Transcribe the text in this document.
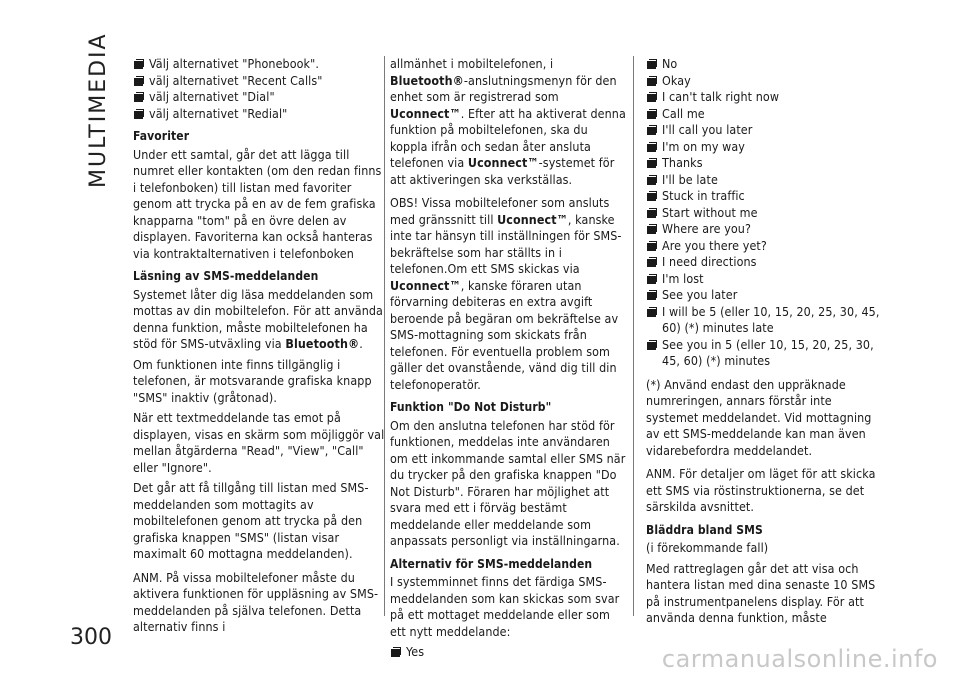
MULTIMEDIA
300
Välj alternativet "Phonebook".
välj alternativet "Recent Calls"
välj alternativet "Dial"
välj alternativet "Redial"
Favoriter

Under ett samtal, går det att lägga till numret eller kontakten (om den redan finns i telefonboken) till listan med favoriter genom att trycka på en av de fem grafiska knapparna "tom" på en övre delen av displayen. Favoriterna kan också hanteras via kontraktalternativen i telefonboken

Läsning av SMS-meddelanden

Systemet låter dig läsa meddelanden som mottas av din mobiltelefon. För att använda denna funktion, måste mobiltelefonen ha stöd för SMS-utväxling via Bluetooth®.

Om funktionen inte finns tillgänglig i telefonen, är motsvarande grafiska knapp "SMS" inaktiv (gråtonad).

När ett textmeddelande tas emot på displayen, visas en skärm som möjliggör val mellan åtgärderna "Read", "View", "Call" eller "Ignore".

Det går att få tillgång till listan med SMS-meddelanden som mottagits av mobiltelefonen genom att trycka på den grafiska knappen "SMS" (listan visar maximalt 60 mottagna meddelanden).

ANM. På vissa mobiltelefoner måste du aktivera funktionen för uppläsning av SMS-meddelanden på själva telefonen. Detta alternativ finns i

allmänhet i mobiltelefonen, i Bluetooth®-anslutningsmenyn för den enhet som är registrerad som Uconnect™. Efter att ha aktiverat denna funktion på mobiltelefonen, ska du koppla ifrån och sedan åter ansluta telefonen via Uconnect™-systemet för att aktiveringen ska verkställas.

OBS! Vissa mobiltelefoner som ansluts med gränssnitt till Uconnect™, kanske inte tar hänsyn till inställningen för SMS-bekräftelse som har ställts in i telefonen.Om ett SMS skickas via Uconnect™, kanske föraren utan förvarning debiteras en extra avgift beroende på begäran om bekräftelse av SMS-mottagning som skickats från telefonen. För eventuella problem som gäller det ovanstående, vänd dig till din telefonoperatör.

Funktion "Do Not Disturb"

Om den anslutna telefonen har stöd för funktionen, meddelas inte användaren om ett inkommande samtal eller SMS när du trycker på den grafiska knappen "Do Not Disturb". Föraren har möjlighet att svara med ett i förväg bestämt meddelande eller meddelande som anpassats personligt via inställningarna.

Alternativ för SMS-meddelanden

I systemminnet finns det färdiga SMS-meddelanden som kan skickas som svar på ett mottaget meddelande eller som ett nytt meddelande:

Yes
No
Okay
I can't talk right now
Call me
I'll call you later
I'm on my way
Thanks
I'll be late
Stuck in traffic
Start without me
Where are you?
Are you there yet?
I need directions
I'm lost
See you later
I will be 5 (eller 10, 15, 20, 25, 30, 45, 60) (*) minutes late
See you in 5 (eller 10, 15, 20, 25, 30, 45, 60) (*) minutes

(*) Använd endast den uppräknade numreringen, annars förstår inte systemet meddelandet. Vid mottagning av ett SMS-meddelande kan man även vidarebefordra meddelandet.

ANM. För detaljer om läget för att skicka ett SMS via röstinstruktionerna, se det särskilda avsnittet.

Bläddra bland SMS

(i förekommande fall)

Med rattreglagen går det att visa och hantera listan med dina senaste 10 SMS på instrumentpanelens display. För att använda denna funktion, måste

carmanualsonline.info
